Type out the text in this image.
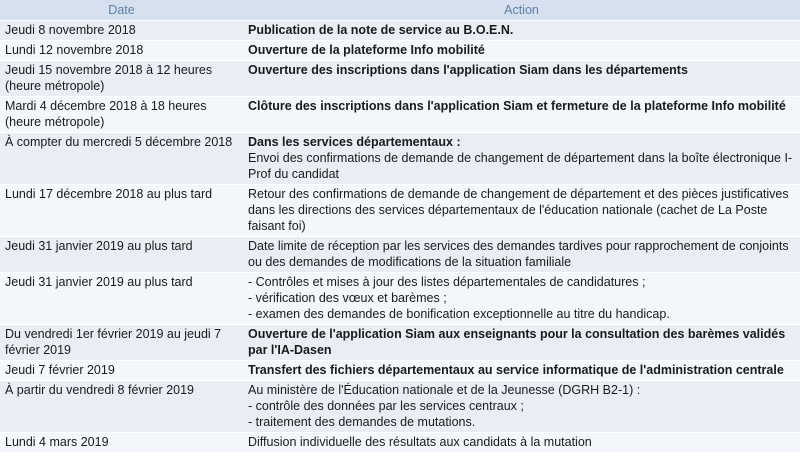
Date	Action
Jeudi 8 novembre 2018	Publication de la note de service au B.O.E.N.

Lundi 12 novembre 2018	Ouverture de la plateforme Info mobilité

Jeudi 15 novembre 2018 à 12 heures (heure métropole)	Ouverture des inscriptions dans l'application Siam dans les départements

Mardi 4 décembre 2018 à 18 heures (heure métropole)	Clôture des inscriptions dans l'application Siam et fermeture de la plateforme Info mobilité

À compter du mercredi 5 décembre 2018	Dans les services départementaux :
Envoi des confirmations de demande de changement de département dans la boîte électronique I-Prof du candidat

Lundi 17 décembre 2018 au plus tard	Retour des confirmations de demande de changement de département et des pièces justificatives dans les directions des services départementaux de l'éducation nationale (cachet de La Poste faisant foi)

Jeudi 31 janvier 2019 au plus tard	Date limite de réception par les services des demandes tardives pour rapprochement de conjoints ou des demandes de modifications de la situation familiale

Jeudi 31 janvier 2019 au plus tard	- Contrôles et mises à jour des listes départementales de candidatures ;
- vérification des vœux et barèmes ;
- examen des demandes de bonification exceptionnelle au titre du handicap.

Du vendredi 1er février 2019 au jeudi 7 février 2019	Ouverture de l'application Siam aux enseignants pour la consultation des barèmes validés par l'IA-Dasen

Jeudi 7 février 2019	Transfert des fichiers départementaux au service informatique de l'administration centrale

À partir du vendredi 8 février 2019	Au ministère de l'Éducation nationale et de la Jeunesse (DGRH B2-1) :
- contrôle des données par les services centraux ;
- traitement des demandes de mutations.

Lundi 4 mars 2019	Diffusion individuelle des résultats aux candidats à la mutation
